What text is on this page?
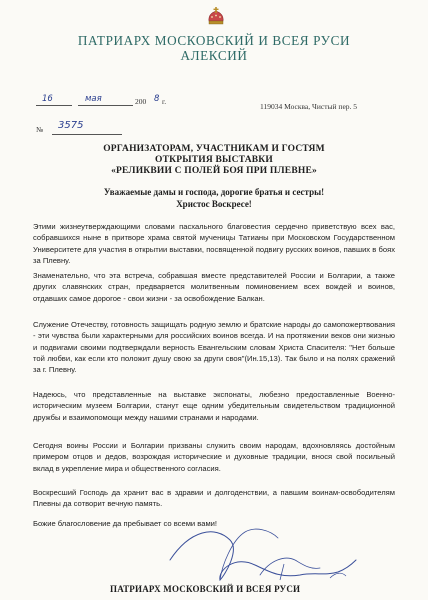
ПАТРИАРХ МОСКОВСКИЙ И ВСЕЯ РУСИ
АЛЕКСИЙ
16	мая	200 8 г.
119034 Москва, Чистый пер. 5
№ 3575
ОРГАНИЗАТОРАМ, УЧАСТНИКАМ И ГОСТЯМ
ОТКРЫТИЯ ВЫСТАВКИ
«РЕЛИКВИИ С ПОЛЕЙ БОЯ ПРИ ПЛЕВНЕ»
Уважаемые дамы и господа, дорогие братья и сестры!
Христос Воскресе!
Этими жизнеутверждающими словами пасхального благовестия сердечно приветствую всех вас, собравшихся ныне в притворе храма святой мученицы Татианы при Московском Государственном Университете для участия в открытии выставки, посвященной подвигу русских воинов, павших в боях за Плевну.
Знаменательно, что эта встреча, собравшая вместе представителей России и Болгарии, а также других славянских стран, предваряется молитвенным поминовением всех вождей и воинов, отдавших самое дорогое - свои жизни - за освобождение Балкан.
Служение Отечеству, готовность защищать родную землю и братские народы до самопожертвования - эти чувства были характерными для российских воинов всегда. И на протяжении веков они жизнью и подвигами своими подтверждали верность Евангельским словам Христа Спасителя: "Нет больше той любви, как если кто положит душу свою за други своя"(Ин.15,13). Так было и на полях сражений за г. Плевну.
Надеюсь, что представленные на выставке экспонаты, любезно предоставленные Военно-историческим музеем Болгарии, станут еще одним убедительным свидетельством традиционной дружбы и взаимопомощи между нашими странами и народами.
Сегодня воины России и Болгарии призваны служить своим народам, вдохновляясь достойным примером отцов и дедов, возрождая исторические и духовные традиции, внося свой посильный вклад в укрепление мира и общественного согласия.
Воскресший Господь да хранит вас в здравии и долгоденствии, а павшим воинам-освободителям Плевны да сотворит вечную память.
Божие благословение да пребывает со всеми вами!
ПАТРИАРХ МОСКОВСКИЙ И ВСЕЯ РУСИ
